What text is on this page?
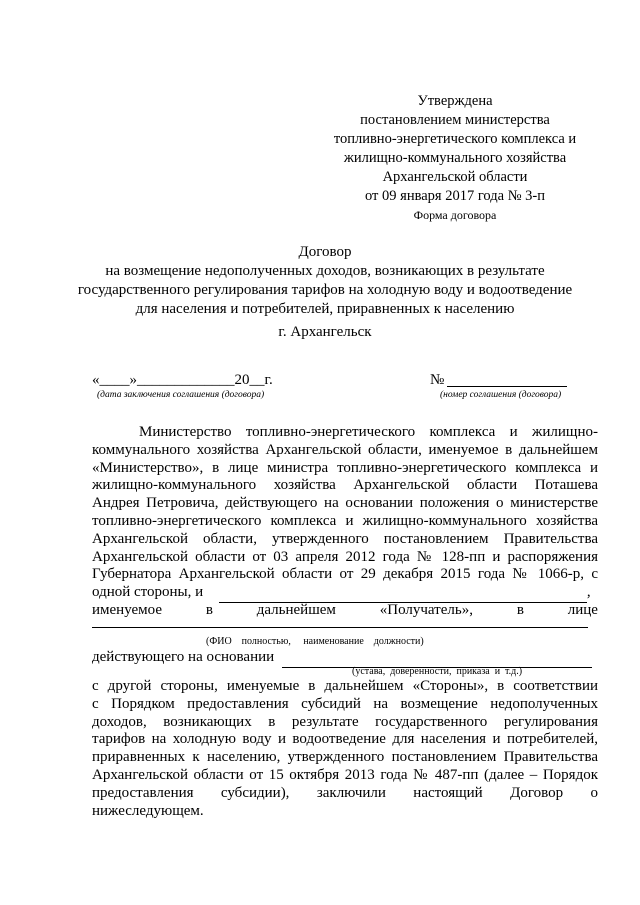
Утверждена
постановлением министерства
топливно-энергетического комплекса и
жилищно-коммунального хозяйства
Архангельской области
от 09 января 2017 года № 3-п
Форма договора
Договор
на возмещение недополученных доходов, возникающих в результате
государственного регулирования тарифов на холодную воду и водоотведение
для населения и потребителей, приравненных к населению
г. Архангельск
«____»_____________20__г.
(дата заключения соглашения (договора)
№
(номер соглашения (договора)
Министерство топливно-энергетического комплекса и жилищно-
коммунального хозяйства Архангельской области, именуемое в дальнейшем
«Министерство», в лице министра топливно-энергетического комплекса и
жилищно-коммунального хозяйства Архангельской области Поташева
Андрея Петровича, действующего на основании положения о министерстве
топливно-энергетического комплекса и жилищно-коммунального хозяйства
Архангельской области, утвержденного постановлением Правительства
Архангельской области от 03 апреля 2012 года № 128-пп и распоряжения
Губернатора Архангельской области от 29 декабря 2015 года № 1066-р, с
одной стороны, и	,
именуемое	в	дальнейшем	«Получатель»,	в	лице
(ФИО    полностью,     наименование    должности)
действующего на основании
(устава,  доверенности,  приказа  и  т.д.)
с другой стороны, именуемые в дальнейшем «Стороны», в соответствии
с Порядком предоставления субсидий на возмещение недополученных
доходов, возникающих в результате государственного регулирования
тарифов на холодную воду и водоотведение для населения и потребителей,
приравненных к населению, утвержденного постановлением Правительства
Архангельской области от 15 октября 2013 года № 487-пп (далее – Порядок
предоставления субсидии), заключили настоящий Договор о
нижеследующем.
